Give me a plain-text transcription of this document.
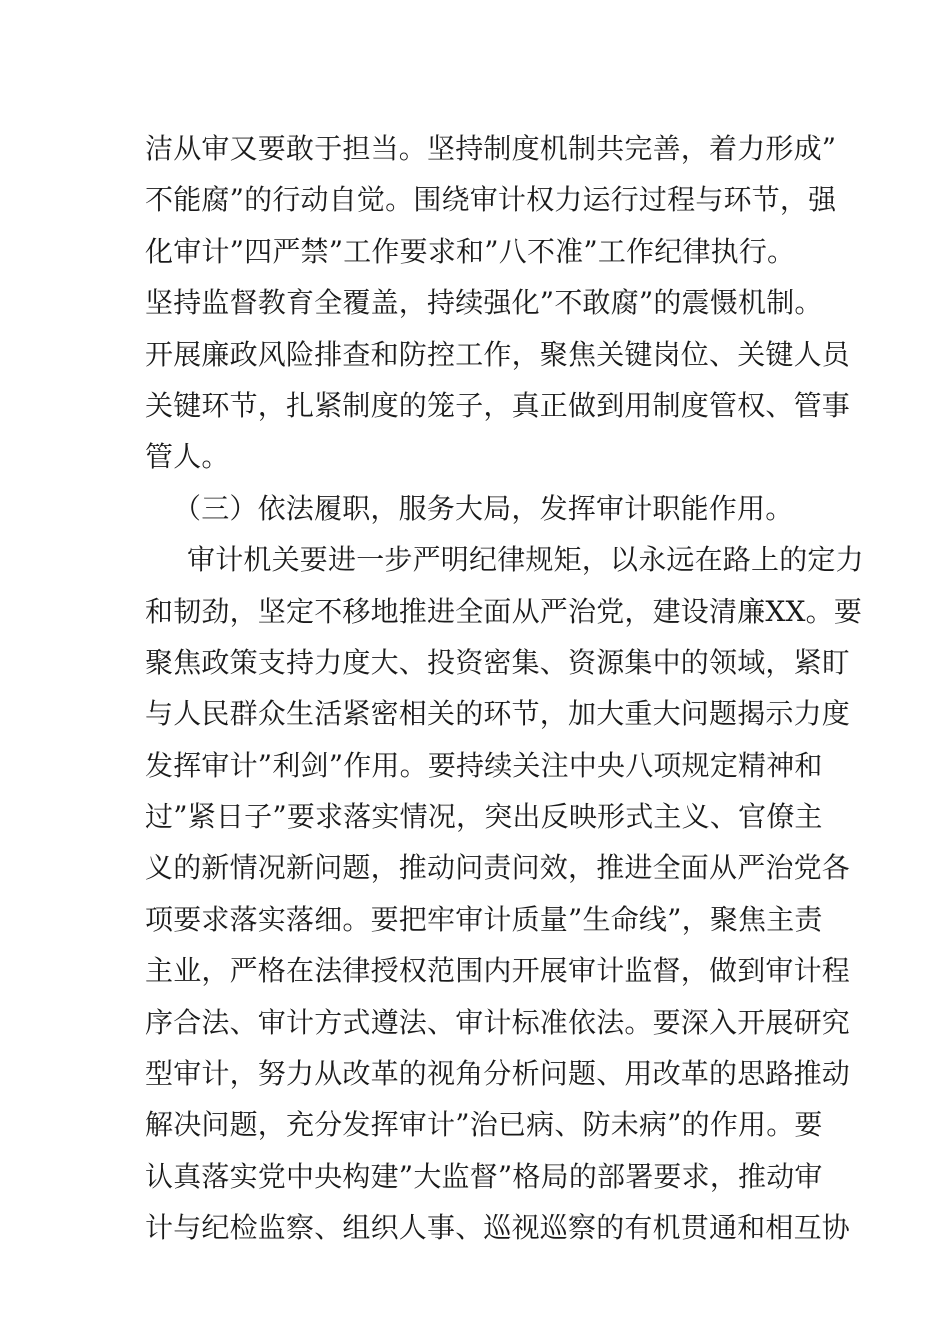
洁从审又要敢于担当。坚持制度机制共完善，着力形成”
不能腐”的行动自觉。围绕审计权力运行过程与环节，强
化审计”四严禁”工作要求和”八不准”工作纪律执行。
坚持监督教育全覆盖，持续强化”不敢腐”的震慑机制。
开展廉政风险排查和防控工作，聚焦关键岗位、关键人员
关键环节，扎紧制度的笼子，真正做到用制度管权、管事
管人。
（三）依法履职，服务大局，发挥审计职能作用。
审计机关要进一步严明纪律规矩，以永远在路上的定力
和韧劲，坚定不移地推进全面从严治党，建设清廉XX。要
聚焦政策支持力度大、投资密集、资源集中的领域，紧盯
与人民群众生活紧密相关的环节，加大重大问题揭示力度
发挥审计”利剑”作用。要持续关注中央八项规定精神和
过”紧日子”要求落实情况，突出反映形式主义、官僚主
义的新情况新问题，推动问责问效，推进全面从严治党各
项要求落实落细。要把牢审计质量”生命线”，聚焦主责
主业，严格在法律授权范围内开展审计监督，做到审计程
序合法、审计方式遵法、审计标准依法。要深入开展研究
型审计，努力从改革的视角分析问题、用改革的思路推动
解决问题，充分发挥审计”治已病、防未病”的作用。要
认真落实党中央构建”大监督”格局的部署要求，推动审
计与纪检监察、组织人事、巡视巡察的有机贯通和相互协
